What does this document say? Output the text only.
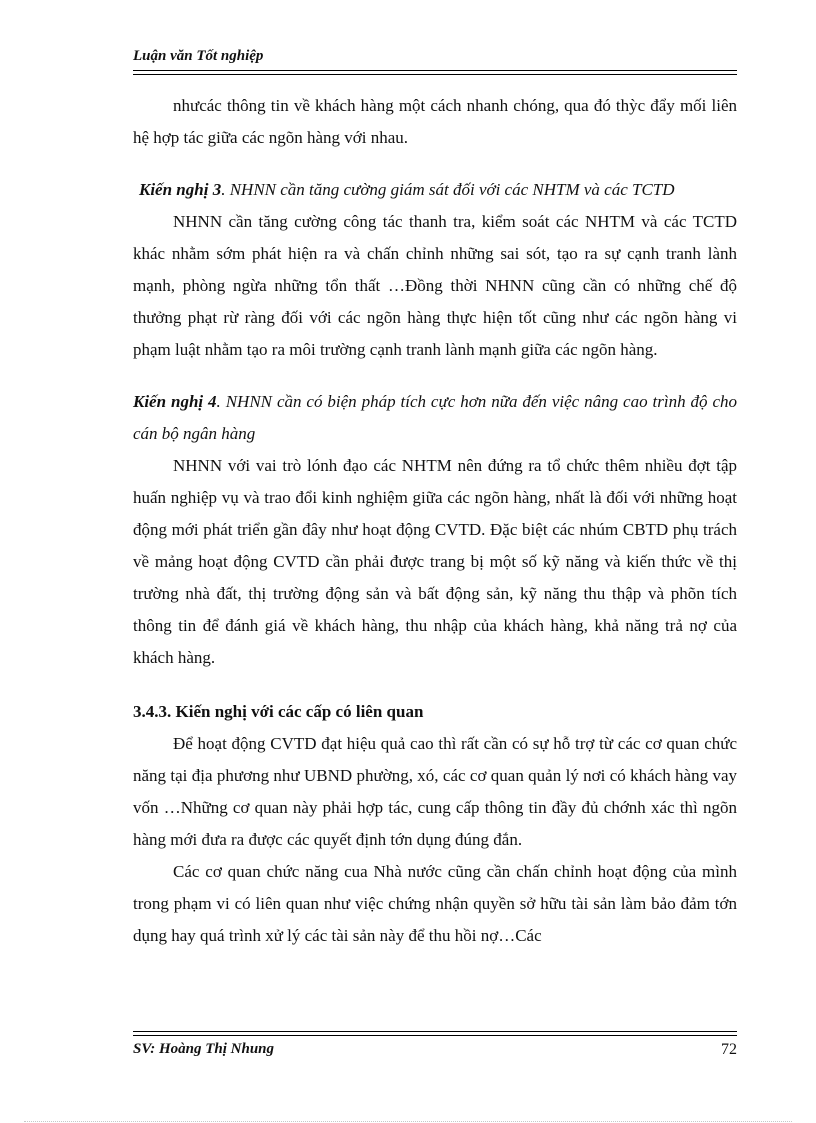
Luận văn Tốt nghiệp

nhưcác thông tin về khách hàng một cách nhanh chóng, qua đó thỳc đẩy mối liên hệ hợp tác giữa các ngõn hàng với nhau.

Kiến nghị 3. NHNN cần tăng cường giám sát đối với các NHTM và các TCTD

NHNN cần tăng cường công tác thanh tra, kiểm soát các NHTM và các TCTD khác nhằm sớm phát hiện ra và chấn chỉnh những sai sót, tạo ra sự cạnh tranh lành mạnh, phòng ngừa những tổn thất …Đồng thời NHNN cũng cần có những chế độ thưởng phạt rừ ràng đối với các ngõn hàng thực hiện tốt cũng như các ngõn hàng vi phạm luật nhằm tạo ra môi trường cạnh tranh lành mạnh giữa các ngõn hàng.

Kiến nghị 4. NHNN cần có biện pháp tích cực hơn nữa đến việc nâng cao trình độ cho cán bộ ngân hàng

NHNN với vai trò lónh đạo các NHTM nên đứng ra tổ chức thêm nhiều đợt tập huấn nghiệp vụ và trao đổi kinh nghiệm giữa các ngõn hàng, nhất là đối với những hoạt động mới phát triển gần đây như hoạt động CVTD. Đặc biệt các nhúm CBTD phụ trách về mảng hoạt động CVTD cần phải được trang bị một số kỹ năng và kiến thức về thị trường nhà đất, thị trường động sản và bất động sản, kỹ năng thu thập và phõn tích thông tin để đánh giá về khách hàng, thu nhập của khách hàng, khả năng trả nợ của khách hàng.

3.4.3. Kiến nghị với các cấp có liên quan

Để hoạt động CVTD đạt hiệu quả cao thì rất cần có sự hỗ trợ từ các cơ quan chức năng tại địa phương như UBND phường, xó, các cơ quan quản lý nơi có khách hàng vay vốn …Những cơ quan này phải hợp tác, cung cấp thông tin đầy đủ chớnh xác thì ngõn hàng mới đưa ra được các quyết định tớn dụng đúng đắn.

Các cơ quan chức năng cua Nhà nước cũng cần chấn chỉnh hoạt động của mình trong phạm vi có liên quan như việc chứng nhận quyền sở hữu tài sản làm bảo đảm tớn dụng hay quá trình xử lý các tài sản này để thu hồi nợ…Các

SV: Hoàng Thị Nhung	72
